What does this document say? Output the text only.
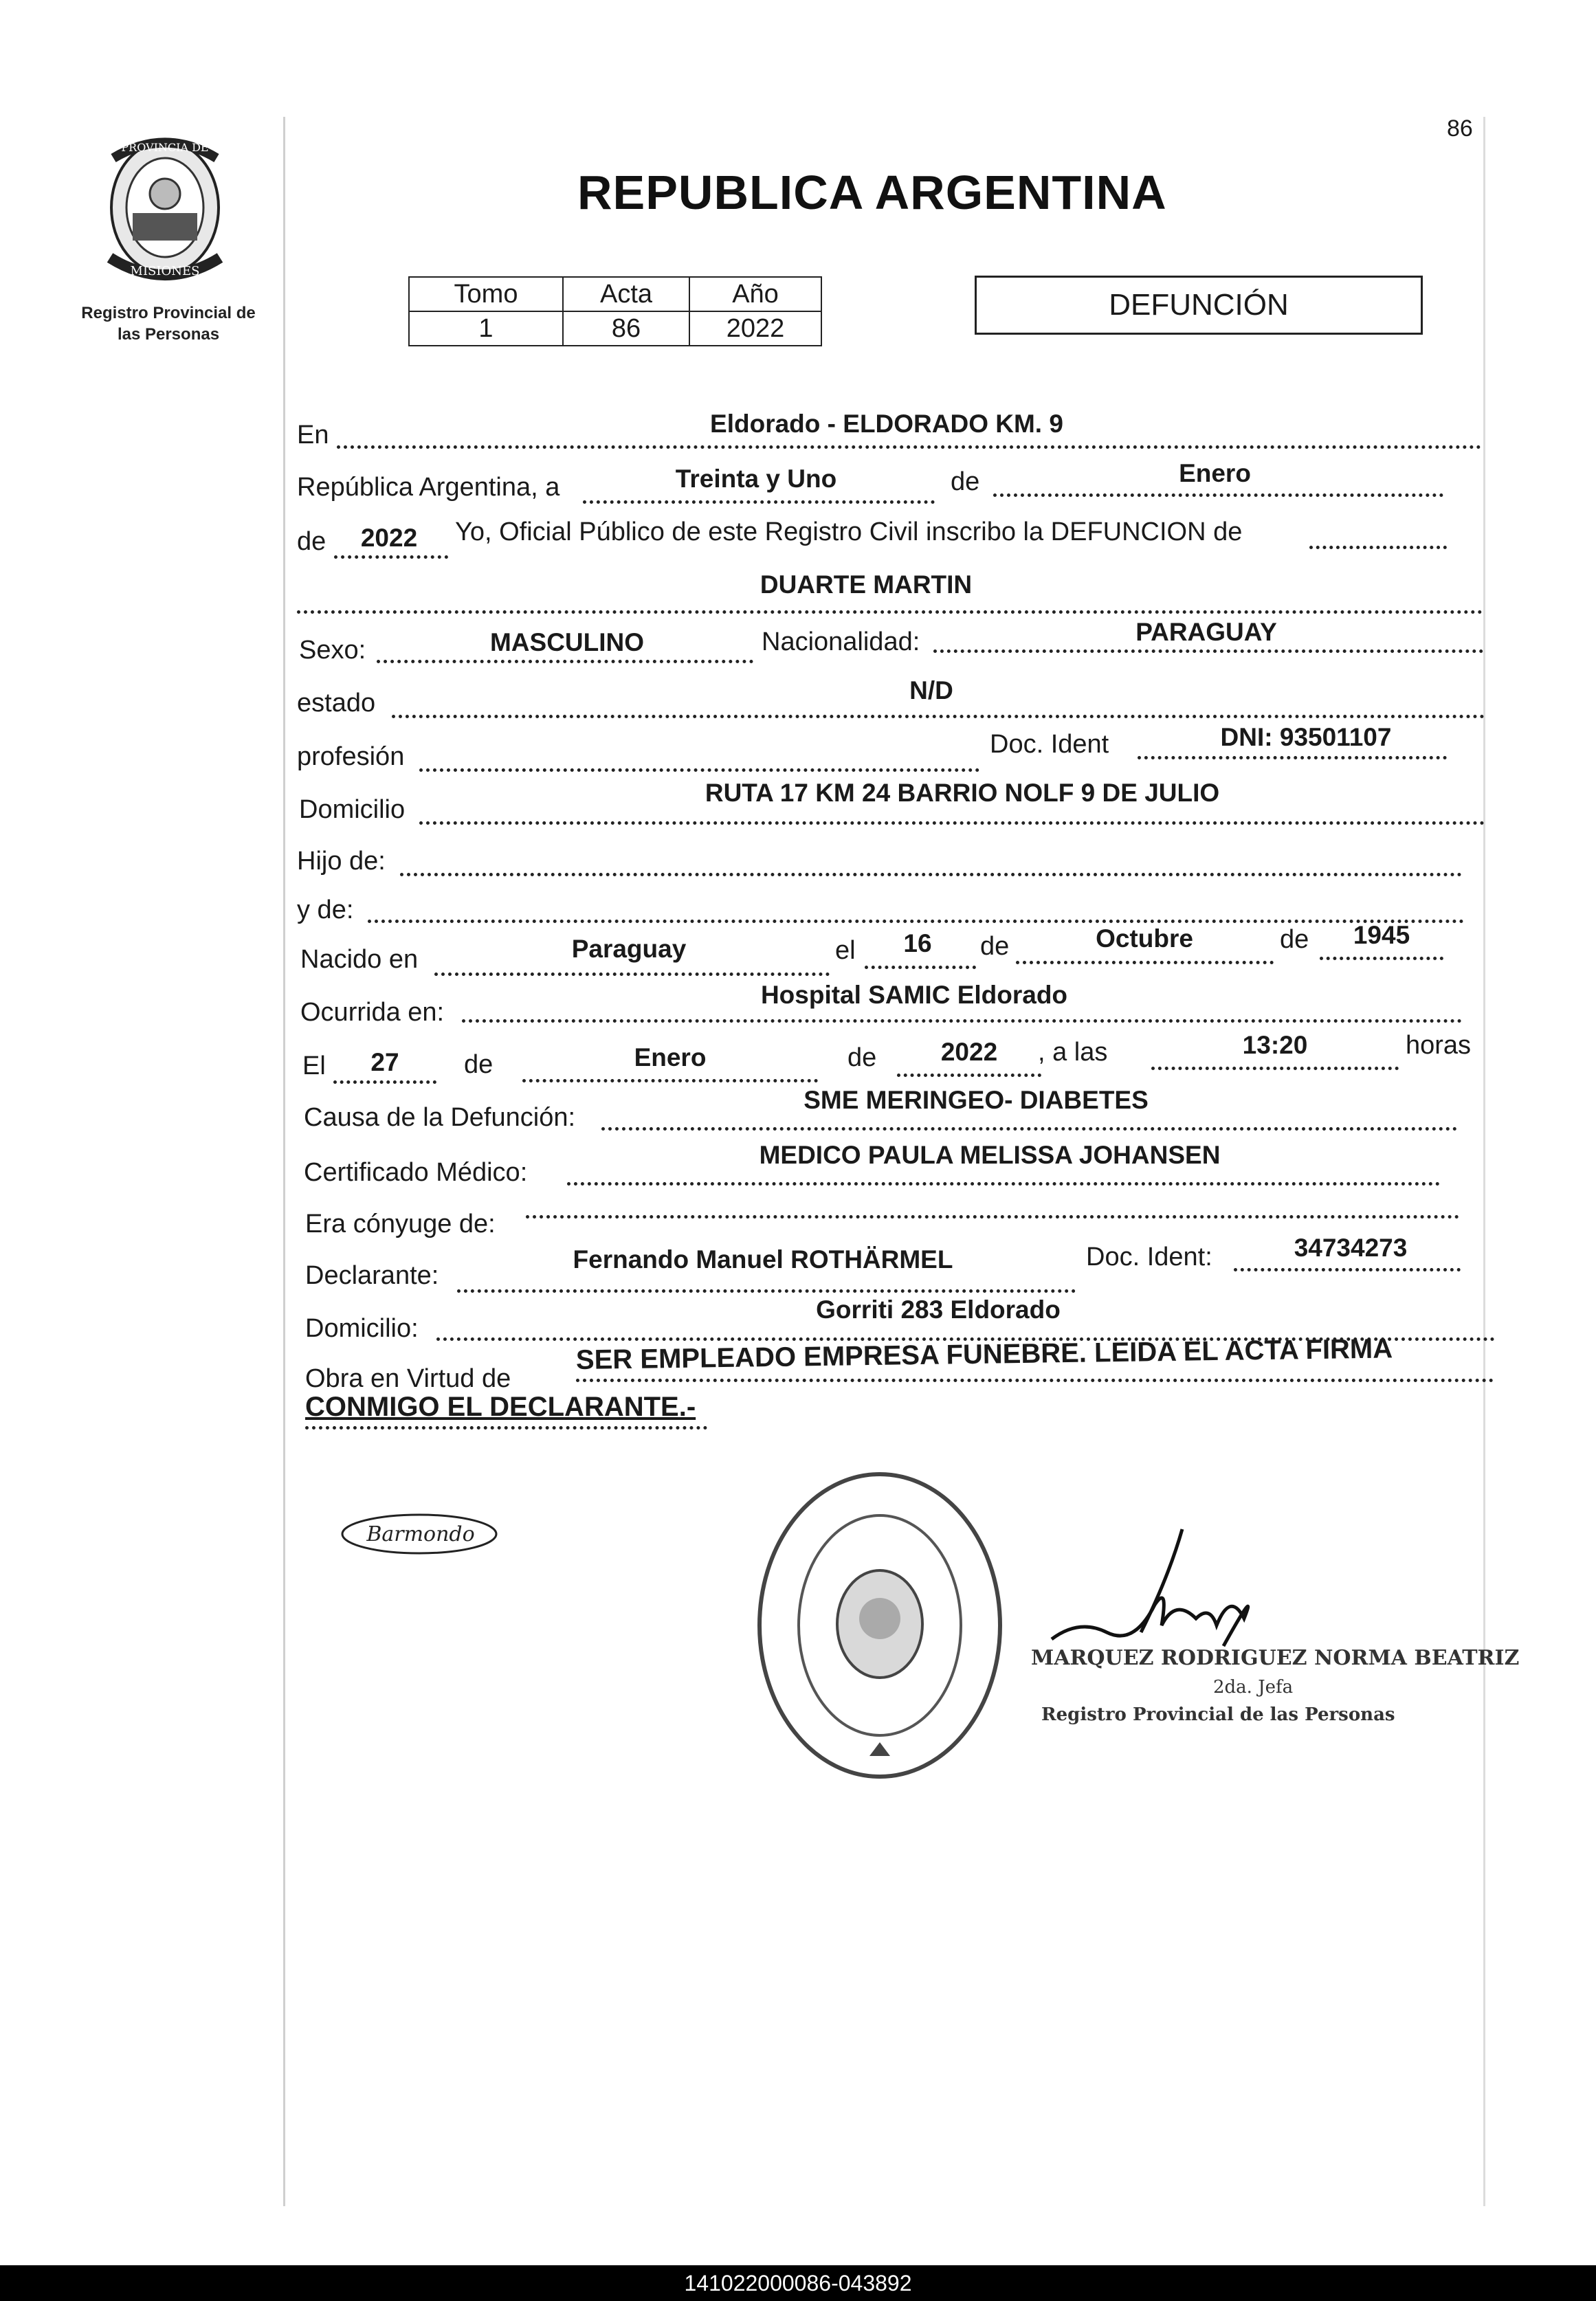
86
PROVINCIA DE
MISIONES
Registro Provincial de
las Personas
REPUBLICA ARGENTINA
Tomo	Acta	Año
1	86	2022
DEFUNCIÓN
En	Eldorado - ELDORADO KM. 9
República Argentina, a	Treinta y Uno	de	Enero
de	2022	Yo, Oficial Público de este Registro Civil inscribo la DEFUNCION de
DUARTE MARTIN
Sexo:	MASCULINO	Nacionalidad:	PARAGUAY
estado	N/D
profesión	Doc. Ident	DNI: 93501107
Domicilio
RUTA 17 KM 24 BARRIO NOLF 9 DE JULIO
Hijo de:
y de:
Nacido en	Paraguay	el	16	de	Octubre	de	1945
Ocurrida en:
Hospital SAMIC Eldorado
El	27	de	Enero	de	2022	, a las	13:20	horas
Causa de la Defunción:
SME MERINGEO- DIABETES
Certificado Médico:
MEDICO PAULA MELISSA JOHANSEN
Era cónyuge de:
Declarante:
Fernando Manuel ROTHÄRMEL	Doc. Ident:	34734273
Domicilio:
Gorriti 283 Eldorado
Obra en Virtud de
SER EMPLEADO EMPRESA FUNEBRE. LEIDA EL ACTA FIRMA
CONMIGO EL DECLARANTE.-
Barmondo
MARQUEZ RODRIGUEZ NORMA BEATRIZ
2da. Jefa
Registro Provincial de las Personas
141022000086-043892
